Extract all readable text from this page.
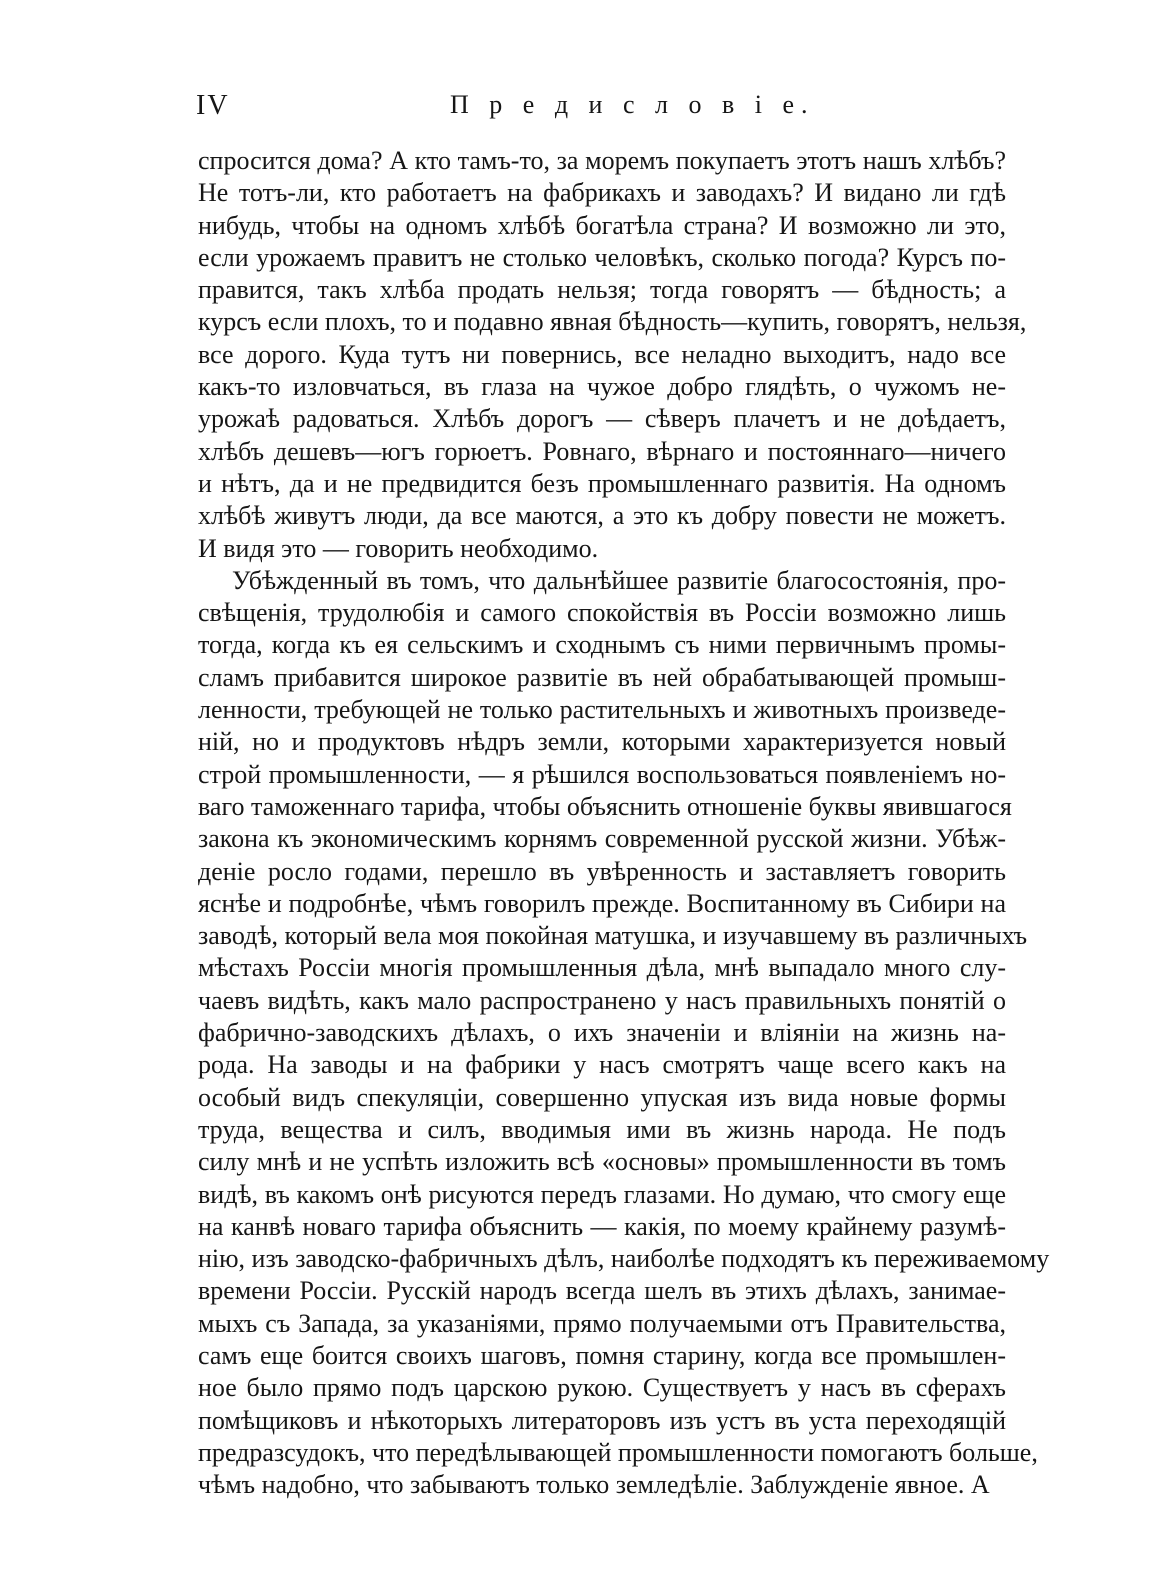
IV	П р е д и с л о в і е.
спросится дома? А кто тамъ-то, за моремъ покупаетъ этотъ нашъ хлѣбъ?
Не тотъ-ли, кто работаетъ на фабрикахъ и заводахъ? И видано ли гдѣ
нибудь, чтобы на одномъ хлѣбѣ богатѣла страна? И возможно ли это,
если урожаемъ правитъ не столько человѣкъ, сколько погода? Курсъ по-
правится, такъ хлѣба продать нельзя; тогда говорятъ — бѣдность; а
курсъ если плохъ, то и подавно явная бѣдность—купить, говорятъ, нельзя,
все дорого. Куда тутъ ни повернись, все неладно выходитъ, надо все
какъ-то изловчаться, въ глаза на чужое добро глядѣть, о чужомъ не-
урожаѣ радоваться. Хлѣбъ дорогъ — сѣверъ плачетъ и не доѣдаетъ,
хлѣбъ дешевъ—югъ горюетъ. Ровнаго, вѣрнаго и постояннаго—ничего
и нѣтъ, да и не предвидится безъ промышленнаго развитія. На одномъ
хлѣбѣ живутъ люди, да все маются, а это къ добру повести не можетъ.
И видя это — говорить необходимо.
Убѣжденный въ томъ, что дальнѣйшее развитіе благосостоянія, про-
свѣщенія, трудолюбія и самого спокойствія въ Россіи возможно лишь
тогда, когда къ ея сельскимъ и сходнымъ съ ними первичнымъ промы-
сламъ прибавится широкое развитіе въ ней обрабатывающей промыш-
ленности, требующей не только растительныхъ и животныхъ произведе-
ній, но и продуктовъ нѣдръ земли, которыми характеризуется новый
строй промышленности, — я рѣшился воспользоваться появленіемъ но-
ваго таможеннаго тарифа, чтобы объяснить отношеніе буквы явившагося
закона къ экономическимъ корнямъ современной русской жизни. Убѣж-
деніе росло годами, перешло въ увѣренность и заставляетъ говорить
яснѣе и подробнѣе, чѣмъ говорилъ прежде. Воспитанному въ Сибири на
заводѣ, который вела моя покойная матушка, и изучавшему въ различныхъ
мѣстахъ Россіи многія промышленныя дѣла, мнѣ выпадало много слу-
чаевъ видѣть, какъ мало распространено у насъ правильныхъ понятій о
фабрично-заводскихъ дѣлахъ, о ихъ значеніи и вліяніи на жизнь на-
рода. На заводы и на фабрики у насъ смотрятъ чаще всего какъ на
особый видъ спекуляціи, совершенно упуская изъ вида новые формы
труда, вещества и силъ, вводимыя ими въ жизнь народа. Не подъ
силу мнѣ и не успѣть изложить всѣ «основы» промышленности въ томъ
видѣ, въ какомъ онѣ рисуются передъ глазами. Но думаю, что смогу еще
на канвѣ новаго тарифа объяснить — какія, по моему крайнему разумѣ-
нію, изъ заводско-фабричныхъ дѣлъ, наиболѣе подходятъ къ переживаемому
времени Россіи. Русскій народъ всегда шелъ въ этихъ дѣлахъ, занимае-
мыхъ съ Запада, за указаніями, прямо получаемыми отъ Правительства,
самъ еще боится своихъ шаговъ, помня старину, когда все промышлен-
ное было прямо подъ царскою рукою. Существуетъ у насъ въ сферахъ
помѣщиковъ и нѣкоторыхъ литераторовъ изъ устъ въ уста переходящій
предразсудокъ, что передѣлывающей промышленности помогаютъ больше,
чѣмъ надобно, что забываютъ только земледѣліе. Заблужденіе явное. А
